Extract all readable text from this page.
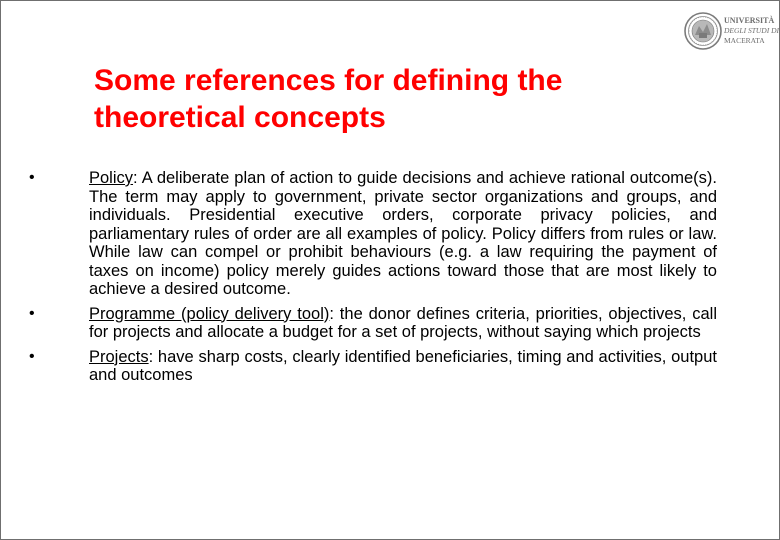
UNIVERSITÀ
DEGLI STUDI DI
MACERATA
Some references for defining the
theoretical concepts
•	Policy: A deliberate plan of action to guide decisions and achieve rational outcome(s). The term may apply to government, private sector organizations and groups, and individuals. Presidential executive orders, corporate privacy policies, and parliamentary rules of order are all examples of policy. Policy differs from rules or law. While law can compel or prohibit behaviours (e.g. a law requiring the payment of taxes on income) policy merely guides actions toward those that are most likely to achieve a desired outcome.
•	Programme (policy delivery tool): the donor defines criteria, priorities, objectives, call for projects and allocate a budget for a set of projects, without saying which projects
•	Projects: have sharp costs, clearly identified beneficiaries, timing and activities, output and outcomes
